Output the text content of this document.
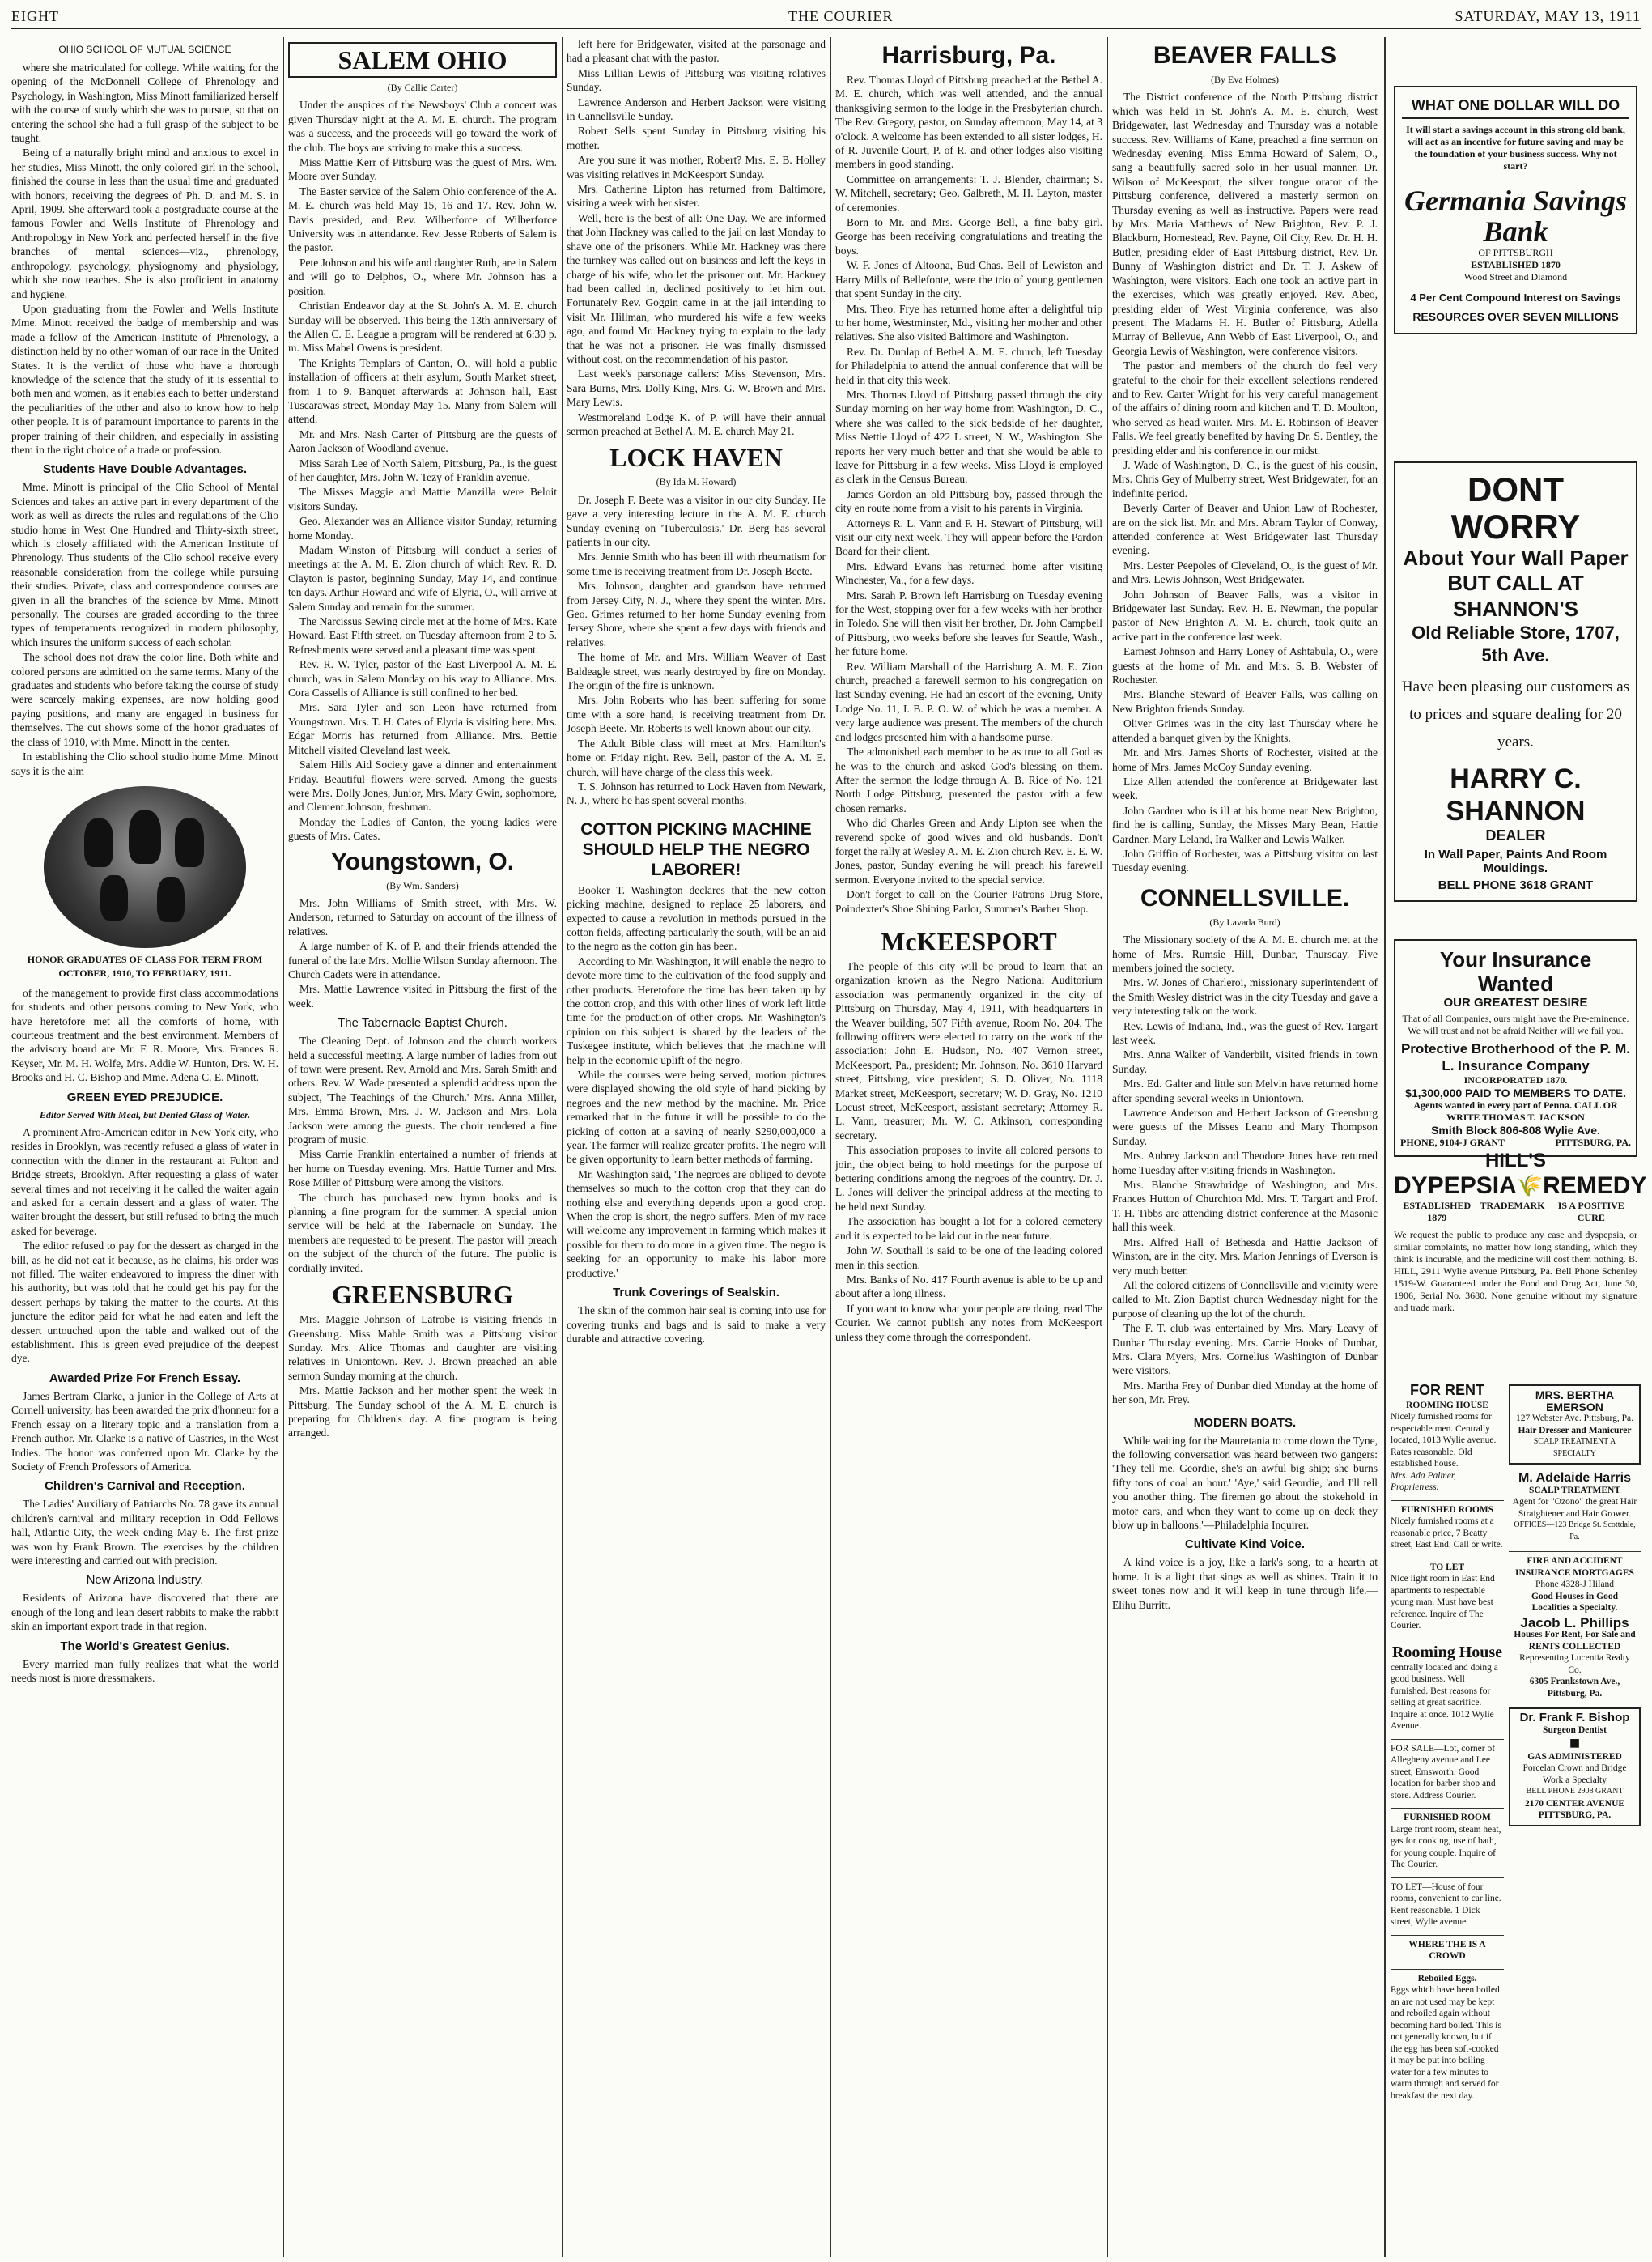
EIGHT	THE COURIER	SATURDAY, MAY 13, 1911
OHIO SCHOOL OF MUTUAL SCIENCE

where she matriculated for college. While waiting for the opening of the McDonnell College of Phrenology and Psychology, in Washington, Miss Minott familiarized herself with the course of study which she was to pursue, so that on entering the school she had a full grasp of the subject to be taught.

Being of a naturally bright mind and anxious to excel in her studies, Miss Minott, the only colored girl in the school, finished the course in less than the usual time and graduated with honors, receiving the degrees of Ph. D. and M. S. in April, 1909. She afterward took a postgraduate course at the famous Fowler and Wells Institute of Phrenology and Anthropology in New York and perfected herself in the five branches of mental sciences—viz., phrenology, anthropology, psychology, physiognomy and physiology, which she now teaches. She is also proficient in anatomy and hygiene.

Upon graduating from the Fowler and Wells Institute Mme. Minott received the badge of membership and was made a fellow of the American Institute of Phrenology, a distinction held by no other woman of our race in the United States. It is the verdict of those who have a thorough knowledge of the science that the study of it is essential to both men and women, as it enables each to better understand the peculiarities of the other and also to know how to help other people. It is of paramount importance to parents in the proper training of their children, and especially in assisting them in the right choice of a trade or profession.

Students Have Double Advantages.

Mme. Minott is principal of the Clio School of Mental Sciences and takes an active part in every department of the work as well as directs the rules and regulations of the Clio studio home in West One Hundred and Thirty-sixth street, which is closely affiliated with the American Institute of Phrenology. Thus students of the Clio school receive every reasonable consideration from the college while pursuing their studies. Private, class and correspondence courses are given in all the branches of the science by Mme. Minott personally. The courses are graded according to the three types of temperaments recognized in modern philosophy, which insures the uniform success of each scholar.

The school does not draw the color line. Both white and colored persons are admitted on the same terms. Many of the graduates and students who before taking the course of study were scarcely making expenses, are now holding good paying positions, and many are engaged in business for themselves. The cut shows some of the honor graduates of the class of 1910, with Mme. Minott in the center.

In establishing the Clio school studio home Mme. Minott says it is the aim

HONOR GRADUATES OF CLASS FOR TERM FROM OCTOBER, 1910, TO FEBRUARY, 1911.

of the management to provide first class accommodations for students and other persons coming to New York, who have heretofore met all the comforts of home, with courteous treatment and the best environment. Members of the advisory board are Mr. F. R. Moore, Mrs. Frances R. Keyser, Mr. M. H. Wolfe, Mrs. Addie W. Hunton, Drs. W. H. Brooks and H. C. Bishop and Mme. Adena C. E. Minott.

GREEN EYED PREJUDICE.
Editor Served With Meal, but Denied Glass of Water.

A prominent Afro-American editor in New York city, who resides in Brooklyn, was recently refused a glass of water in connection with the dinner in the restaurant at Fulton and Bridge streets, Brooklyn. After requesting a glass of water several times and not receiving it he called the waiter again and asked for a certain dessert and a glass of water. The waiter brought the dessert, but still refused to bring the much asked for beverage.

The editor refused to pay for the dessert as charged in the bill, as he did not eat it because, as he claims, his order was not filled. The waiter endeavored to impress the diner with his authority, but was told that he could get his pay for the dessert perhaps by taking the matter to the courts. At this juncture the editor paid for what he had eaten and left the dessert untouched upon the table and walked out of the establishment. This is green eyed prejudice of the deepest dye.

Awarded Prize For French Essay.

James Bertram Clarke, a junior in the College of Arts at Cornell university, has been awarded the prix d'honneur for a French essay on a literary topic and a translation from a French author. Mr. Clarke is a native of Castries, in the West Indies. The honor was conferred upon Mr. Clarke by the Society of French Professors of America.

Children's Carnival and Reception.

The Ladies' Auxiliary of Patriarchs No. 78 gave its annual children's carnival and military reception in Odd Fellows hall, Atlantic City, the week ending May 6. The first prize was won by Frank Brown. The exercises by the children were interesting and carried out with precision.

New Arizona Industry.

Residents of Arizona have discovered that there are enough of the long and lean desert rabbits to make the rabbit skin an important export trade in that region.

The World's Greatest Genius.

Every married man fully realizes that what the world needs most is more dressmakers.

SALEM OHIO
(By Callie Carter)

Under the auspices of the Newsboys' Club a concert was given Thursday night at the A. M. E. church. The program was a success, and the proceeds will go toward the work of the club. The boys are striving to make this a success.

Miss Mattie Kerr of Pittsburg was the guest of Mrs. Wm. Moore over Sunday.

The Easter service of the Salem Ohio conference of the A. M. E. church was held May 15, 16 and 17. Rev. John W. Davis presided, and Rev. Wilberforce of Wilberforce University was in attendance. Rev. Jesse Roberts of Salem is the pastor.

Pete Johnson and his wife and daughter Ruth, are in Salem and will go to Delphos, O., where Mr. Johnson has a position.

Christian Endeavor day at the St. John's A. M. E. church Sunday will be observed. This being the 13th anniversary of the Allen C. E. League a program will be rendered at 6:30 p. m. Miss Mabel Owens is president.

The Knights Templars of Canton, O., will hold a public installation of officers at their asylum, South Market street, from 1 to 9. Banquet afterwards at Johnson hall, East Tuscarawas street, Monday May 15. Many from Salem will attend.

Mr. and Mrs. Nash Carter of Pittsburg are the guests of Aaron Jackson of Woodland avenue.

Miss Sarah Lee of North Salem, Pittsburg, Pa., is the guest of her daughter, Mrs. John W. Tezy of Franklin avenue.

The Misses Maggie and Mattie Manzilla were Beloit visitors Sunday.

Geo. Alexander was an Alliance visitor Sunday, returning home Monday.

Madam Winston of Pittsburg will conduct a series of meetings at the A. M. E. Zion church of which Rev. R. D. Clayton is pastor, beginning Sunday, May 14, and continue ten days. Arthur Howard and wife of Elyria, O., will arrive at Salem Sunday and remain for the summer.

The Narcissus Sewing circle met at the home of Mrs. Kate Howard. East Fifth street, on Tuesday afternoon from 2 to 5. Refreshments were served and a pleasant time was spent.

Rev. R. W. Tyler, pastor of the East Liverpool A. M. E. church, was in Salem Monday on his way to Alliance. Mrs. Cora Cassells of Alliance is still confined to her bed.

Mrs. Sara Tyler and son Leon have returned from Youngstown. Mrs. T. H. Cates of Elyria is visiting here. Mrs. Edgar Morris has returned from Alliance. Mrs. Bettie Mitchell visited Cleveland last week.

Salem Hills Aid Society gave a dinner and entertainment Friday. Beautiful flowers were served. Among the guests were Mrs. Dolly Jones, Junior, Mrs. Mary Gwin, sophomore, and Clement Johnson, freshman.

Monday the Ladies of Canton, the young ladies were guests of Mrs. Cates.

Youngstown, O.
(By Wm. Sanders)

Mrs. John Williams of Smith street, with Mrs. W. Anderson, returned to Saturday on account of the illness of relatives.

A large number of K. of P. and their friends attended the funeral of the late Mrs. Mollie Wilson Sunday afternoon. The Church Cadets were in attendance.

Mrs. Mattie Lawrence visited in Pittsburg the first of the week.

The Tabernacle Baptist Church.

The Cleaning Dept. of Johnson and the church workers held a successful meeting. A large number of ladies from out of town were present. Rev. Arnold and Mrs. Sarah Smith and others. Rev. W. Wade presented a splendid address upon the subject, 'The Teachings of the Church.' Mrs. Anna Miller, Mrs. Emma Brown, Mrs. J. W. Jackson and Mrs. Lola Jackson were among the guests. The choir rendered a fine program of music.

Miss Carrie Franklin entertained a number of friends at her home on Tuesday evening. Mrs. Hattie Turner and Mrs. Rose Miller of Pittsburg were among the visitors.

The church has purchased new hymn books and is planning a fine program for the summer. A special union service will be held at the Tabernacle on Sunday. The members are requested to be present. The pastor will preach on the subject of the church of the future. The public is cordially invited.

GREENSBURG

Mrs. Maggie Johnson of Latrobe is visiting friends in Greensburg. Miss Mable Smith was a Pittsburg visitor Sunday. Mrs. Alice Thomas and daughter are visiting relatives in Uniontown. Rev. J. Brown preached an able sermon Sunday morning at the church.

Mrs. Mattie Jackson and her mother spent the week in Pittsburg. The Sunday school of the A. M. E. church is preparing for Children's day. A fine program is being arranged.

left here for Bridgewater, visited at the parsonage and had a pleasant chat with the pastor.

Miss Lillian Lewis of Pittsburg was visiting relatives Sunday.

Lawrence Anderson and Herbert Jackson were visiting in Cannellsville Sunday.

Robert Sells spent Sunday in Pittsburg visiting his mother.

Are you sure it was mother, Robert? Mrs. E. B. Holley was visiting relatives in McKeesport Sunday.

Mrs. Catherine Lipton has returned from Baltimore, visiting a week with her sister.

Well, here is the best of all: One Day. We are informed that John Hackney was called to the jail on last Monday to shave one of the prisoners. While Mr. Hackney was there the turnkey was called out on business and left the keys in charge of his wife, who let the prisoner out. Mr. Hackney had been called in, declined positively to let him out. Fortunately Rev. Goggin came in at the jail intending to visit Mr. Hillman, who murdered his wife a few weeks ago, and found Mr. Hackney trying to explain to the lady that he was not a prisoner. He was finally dismissed without cost, on the recommendation of his pastor.

Last week's parsonage callers: Miss Stevenson, Mrs. Sara Burns, Mrs. Dolly King, Mrs. G. W. Brown and Mrs. Mary Lewis.

Westmoreland Lodge K. of P. will have their annual sermon preached at Bethel A. M. E. church May 21.

LOCK HAVEN
(By Ida M. Howard)

Dr. Joseph F. Beete was a visitor in our city Sunday. He gave a very interesting lecture in the A. M. E. church Sunday evening on 'Tuberculosis.' Dr. Berg has several patients in our city.

Mrs. Jennie Smith who has been ill with rheumatism for some time is receiving treatment from Dr. Joseph Beete.

Mrs. Johnson, daughter and grandson have returned from Jersey City, N. J., where they spent the winter. Mrs. Geo. Grimes returned to her home Sunday evening from Jersey Shore, where she spent a few days with friends and relatives.

The home of Mr. and Mrs. William Weaver of East Baldeagle street, was nearly destroyed by fire on Monday. The origin of the fire is unknown.

Mrs. John Roberts who has been suffering for some time with a sore hand, is receiving treatment from Dr. Joseph Beete. Mr. Roberts is well known about our city.

The Adult Bible class will meet at Mrs. Hamilton's home on Friday night. Rev. Bell, pastor of the A. M. E. church, will have charge of the class this week.

T. S. Johnson has returned to Lock Haven from Newark, N. J., where he has spent several months.

COTTON PICKING MACHINE SHOULD HELP THE NEGRO LABORER!

Booker T. Washington declares that the new cotton picking machine, designed to replace 25 laborers, and expected to cause a revolution in methods pursued in the cotton fields, affecting particularly the south, will be an aid to the negro as the cotton gin has been.

According to Mr. Washington, it will enable the negro to devote more time to the cultivation of the food supply and other products. Heretofore the time has been taken up by the cotton crop, and this with other lines of work left little time for the production of other crops. Mr. Washington's opinion on this subject is shared by the leaders of the Tuskegee institute, which believes that the machine will help in the economic uplift of the negro.

While the courses were being served, motion pictures were displayed showing the old style of hand picking by negroes and the new method by the machine. Mr. Price remarked that in the future it will be possible to do the picking of cotton at a saving of nearly $290,000,000 a year. The farmer will realize greater profits. The negro will be given opportunity to learn better methods of farming.

Mr. Washington said, 'The negroes are obliged to devote themselves so much to the cotton crop that they can do nothing else and everything depends upon a good crop. When the crop is short, the negro suffers. Men of my race will welcome any improvement in farming which makes it possible for them to do more in a given time. The negro is seeking for an opportunity to make his labor more productive.'

Trunk Coverings of Sealskin.

The skin of the common hair seal is coming into use for covering trunks and bags and is said to make a very durable and attractive covering.

Harrisburg, Pa.

Rev. Thomas Lloyd of Pittsburg preached at the Bethel A. M. E. church, which was well attended, and the annual thanksgiving sermon to the lodge in the Presbyterian church. The Rev. Gregory, pastor, on Sunday afternoon, May 14, at 3 o'clock. A welcome has been extended to all sister lodges, H. of R. Juvenile Court, P. of R. and other lodges also visiting members in good standing.

Committee on arrangements: T. J. Blender, chairman; S. W. Mitchell, secretary; Geo. Galbreth, M. H. Layton, master of ceremonies.

Born to Mr. and Mrs. George Bell, a fine baby girl. George has been receiving congratulations and treating the boys.

W. F. Jones of Altoona, Bud Chas. Bell of Lewiston and Harry Mills of Bellefonte, were the trio of young gentlemen that spent Sunday in the city.

Mrs. Theo. Frye has returned home after a delightful trip to her home, Westminster, Md., visiting her mother and other relatives. She also visited Baltimore and Washington.

Rev. Dr. Dunlap of Bethel A. M. E. church, left Tuesday for Philadelphia to attend the annual conference that will be held in that city this week.

Mrs. Thomas Lloyd of Pittsburg passed through the city Sunday morning on her way home from Washington, D. C., where she was called to the sick bedside of her daughter, Miss Nettie Lloyd of 422 L street, N. W., Washington. She reports her very much better and that she would be able to leave for Pittsburg in a few weeks. Miss Lloyd is employed as clerk in the Census Bureau.

James Gordon an old Pittsburg boy, passed through the city en route home from a visit to his parents in Virginia.

Attorneys R. L. Vann and F. H. Stewart of Pittsburg, will visit our city next week. They will appear before the Pardon Board for their client.

Mrs. Edward Evans has returned home after visiting Winchester, Va., for a few days.

Mrs. Sarah P. Brown left Harrisburg on Tuesday evening for the West, stopping over for a few weeks with her brother in Toledo. She will then visit her brother, Dr. John Campbell of Pittsburg, two weeks before she leaves for Seattle, Wash., her future home.

Rev. William Marshall of the Harrisburg A. M. E. Zion church, preached a farewell sermon to his congregation on last Sunday evening. He had an escort of the evening, Unity Lodge No. 11, I. B. P. O. W. of which he was a member. A very large audience was present. The members of the church and lodges presented him with a handsome purse.

The admonished each member to be as true to all God as he was to the church and asked God's blessing on them. After the sermon the lodge through A. B. Rice of No. 121 North Lodge Pittsburg, presented the pastor with a few chosen remarks.

Who did Charles Green and Andy Lipton see when the reverend spoke of good wives and old husbands. Don't forget the rally at Wesley A. M. E. Zion church Rev. E. E. W. Jones, pastor, Sunday evening he will preach his farewell sermon. Everyone invited to the special service.

Don't forget to call on the Courier Patrons Drug Store, Poindexter's Shoe Shining Parlor, Summer's Barber Shop.

McKEESPORT

The people of this city will be proud to learn that an organization known as the Negro National Auditorium association was permanently organized in the city of Pittsburg on Thursday, May 4, 1911, with headquarters in the Weaver building, 507 Fifth avenue, Room No. 204. The following officers were elected to carry on the work of the association: John E. Hudson, No. 407 Vernon street, McKeesport, Pa., president; Mr. Johnson, No. 3610 Harvard street, Pittsburg, vice president; S. D. Oliver, No. 1118 Market street, McKeesport, secretary; W. D. Gray, No. 1210 Locust street, McKeesport, assistant secretary; Attorney R. L. Vann, treasurer; Mr. W. C. Atkinson, corresponding secretary.

This association proposes to invite all colored persons to join, the object being to hold meetings for the purpose of bettering conditions among the negroes of the country. Dr. J. L. Jones will deliver the principal address at the meeting to be held next Sunday.

The association has bought a lot for a colored cemetery and it is expected to be laid out in the near future.

John W. Southall is said to be one of the leading colored men in this section.

Mrs. Banks of No. 417 Fourth avenue is able to be up and about after a long illness.

If you want to know what your people are doing, read The Courier. We cannot publish any notes from McKeesport unless they come through the correspondent.

BEAVER FALLS
(By Eva Holmes)

The District conference of the North Pittsburg district which was held in St. John's A. M. E. church, West Bridgewater, last Wednesday and Thursday was a notable success. Rev. Williams of Kane, preached a fine sermon on Wednesday evening. Miss Emma Howard of Salem, O., sang a beautifully sacred solo in her usual manner. Dr. Wilson of McKeesport, the silver tongue orator of the Pittsburg conference, delivered a masterly sermon on Thursday evening as well as instructive. Papers were read by Mrs. Maria Matthews of New Brighton, Rev. P. J. Blackburn, Homestead, Rev. Payne, Oil City, Rev. Dr. H. H. Butler, presiding elder of East Pittsburg district, Rev. Dr. Bunny of Washington district and Dr. T. J. Askew of Washington, were visitors. Each one took an active part in the exercises, which was greatly enjoyed. Rev. Abeo, presiding elder of West Virginia conference, was also present. The Madams H. H. Butler of Pittsburg, Adella Murray of Bellevue, Ann Webb of East Liverpool, O., and Georgia Lewis of Washington, were conference visitors.

The pastor and members of the church do feel very grateful to the choir for their excellent selections rendered and to Rev. Carter Wright for his very careful management of the affairs of dining room and kitchen and T. D. Moulton, who served as head waiter. Mrs. M. E. Robinson of Beaver Falls. We feel greatly benefited by having Dr. S. Bentley, the presiding elder and his conference in our midst.

J. Wade of Washington, D. C., is the guest of his cousin, Mrs. Chris Gey of Mulberry street, West Bridgewater, for an indefinite period.

Beverly Carter of Beaver and Union Law of Rochester, are on the sick list. Mr. and Mrs. Abram Taylor of Conway, attended conference at West Bridgewater last Thursday evening.

Mrs. Lester Peepoles of Cleveland, O., is the guest of Mr. and Mrs. Lewis Johnson, West Bridgewater.

John Johnson of Beaver Falls, was a visitor in Bridgewater last Sunday. Rev. H. E. Newman, the popular pastor of New Brighton A. M. E. church, took quite an active part in the conference last week.

Earnest Johnson and Harry Loney of Ashtabula, O., were guests at the home of Mr. and Mrs. S. B. Webster of Rochester.

Mrs. Blanche Steward of Beaver Falls, was calling on New Brighton friends Sunday.

Oliver Grimes was in the city last Thursday where he attended a banquet given by the Knights.

Mr. and Mrs. James Shorts of Rochester, visited at the home of Mrs. James McCoy Sunday evening.

Lize Allen attended the conference at Bridgewater last week.

John Gardner who is ill at his home near New Brighton, find he is calling, Sunday, the Misses Mary Bean, Hattie Gardner, Mary Leland, Ira Walker and Lewis Walker.

John Griffin of Rochester, was a Pittsburg visitor on last Tuesday evening.

CONNELLSVILLE.
(By Lavada Burd)

The Missionary society of the A. M. E. church met at the home of Mrs. Rumsie Hill, Dunbar, Thursday. Five members joined the society.

Mrs. W. Jones of Charleroi, missionary superintendent of the Smith Wesley district was in the city Tuesday and gave a very interesting talk on the work.

Rev. Lewis of Indiana, Ind., was the guest of Rev. Targart last week.

Mrs. Anna Walker of Vanderbilt, visited friends in town Sunday.

Mrs. Ed. Galter and little son Melvin have returned home after spending several weeks in Uniontown.

Lawrence Anderson and Herbert Jackson of Greensburg were guests of the Misses Leano and Mary Thompson Sunday.

Mrs. Aubrey Jackson and Theodore Jones have returned home Tuesday after visiting friends in Washington.

Mrs. Blanche Strawbridge of Washington, and Mrs. Frances Hutton of Churchton Md. Mrs. T. Targart and Prof. T. H. Tibbs are attending district conference at the Masonic hall this week.

Mrs. Alfred Hall of Bethesda and Hattie Jackson of Winston, are in the city. Mrs. Marion Jennings of Everson is very much better.

All the colored citizens of Connellsville and vicinity were called to Mt. Zion Baptist church Wednesday night for the purpose of cleaning up the lot of the church.

The F. T. club was entertained by Mrs. Mary Leavy of Dunbar Thursday evening. Mrs. Carrie Hooks of Dunbar, Mrs. Clara Myers, Mrs. Cornelius Washington of Dunbar were visitors.

Mrs. Martha Frey of Dunbar died Monday at the home of her son, Mr. Frey.

MODERN BOATS.

While waiting for the Mauretania to come down the Tyne, the following conversation was heard between two gangers: 'They tell me, Geordie, she's an awful big ship; she burns fifty tons of coal an hour.' 'Aye,' said Geordie, 'and I'll tell you another thing. The firemen go about the stokehold in motor cars, and when they want to come up on deck they blow up in balloons.'—Philadelphia Inquirer.

Cultivate Kind Voice.

A kind voice is a joy, like a lark's song, to a hearth at home. It is a light that sings as well as shines. Train it to sweet tones now and it will keep in tune through life.—Elihu Burritt.

WHAT ONE DOLLAR WILL DO

It will start a savings account in this strong old bank, will act as an incentive for future saving and may be the foundation of your business success. Why not start?

Germania Savings Bank
OF PITTSBURGH
ESTABLISHED 1870
Wood Street and Diamond
4 Per Cent Compound Interest on Savings
RESOURCES OVER SEVEN MILLIONS
DONT WORRY
About Your Wall Paper
BUT CALL AT SHANNON'S
Old Reliable Store, 1707, 5th Ave.

Have been pleasing our customers as to prices and square dealing for 20 years.

HARRY C. SHANNON
DEALER
In Wall Paper, Paints And Room Mouldings.
BELL PHONE 3618 GRANT
Your Insurance Wanted
OUR GREATEST DESIRE

That of all Companies, ours might have the Pre-eminence. We will trust and not be afraid Neither will we fail you.

Protective Brotherhood of the P. M. L. Insurance Company
INCORPORATED 1870.
$1,300,000 PAID TO MEMBERS TO DATE.
Agents wanted in every part of Penna. CALL OR WRITE THOMAS T. JACKSON
Smith Block 806-808 Wylie Ave.
PHONE, 9104-J GRANT	PITTSBURG, PA.
HILL'S
DYPEPSIA 🌾 REMEDY
ESTABLISHED 1879
TRADE MARK	IS A POSITIVE CURE

We request the public to produce any case and dyspepsia, or similar complaints, no matter how long standing, which they think is incurable, and the medicine will cost them nothing. B. HILL, 2911 Wylie avenue Pittsburg, Pa. Bell Phone Schenley 1519-W. Guaranteed under the Food and Drug Act, June 30, 1906, Serial No. 3680. None genuine without my signature and trade mark.

FOR RENT
ROOMING HOUSE

Nicely furnished rooms for respectable men. Centrally located, 1013 Wylie avenue. Rates reasonable. Old established house.

Mrs. Ada Palmer, Proprietress.

FURNISHED ROOMS

Nicely furnished rooms at a reasonable price, 7 Beatty street, East End. Call or write.

TO LET

Nice light room in East End apartments to respectable young man. Must have best reference. Inquire of The Courier.

Rooming House

centrally located and doing a good business. Well furnished. Best reasons for selling at great sacrifice. Inquire at once. 1012 Wylie Avenue.

FOR SALE—Lot, corner of Allegheny avenue and Lee street, Emsworth. Good location for barber shop and store. Address Courier.

FURNISHED ROOM

Large front room, steam heat, gas for cooking, use of bath, for young couple. Inquire of The Courier.

TO LET—House of four rooms, convenient to car line. Rent reasonable. 1 Dick street, Wylie avenue.

WHERE THE IS A CROWD
Reboiled Eggs.

Eggs which have been boiled an are not used may be kept and reboiled again without becoming hard boiled. This is not generally known, but if the egg has been soft-cooked it may be put into boiling water for a few minutes to warm through and served for breakfast the next day.

MRS. BERTHA EMERSON
127 Webster Ave. Pittsburg, Pa.
Hair Dresser and Manicurer
SCALP TREATMENT A SPECIALTY
M. Adelaide Harris
SCALP TREATMENT
Agent for "Ozono" the great Hair Straightener and Hair Grower.
OFFICES—123 Bridge St. Scottdale, Pa.
FIRE AND ACCIDENT INSURANCE MORTGAGES
Phone 4328-J Hiland
Good Houses in Good Localities a Specialty.
Jacob L. Phillips
Houses For Rent, For Sale and RENTS COLLECTED
Representing Lucentia Realty Co.
6305 Frankstown Ave., Pittsburg, Pa.
Dr. Frank F. Bishop
Surgeon Dentist
■
GAS ADMINISTERED
Porcelan Crown and Bridge Work a Specialty
BELL PHONE 2908 GRANT
2170 CENTER AVENUE PITTSBURG, PA.
